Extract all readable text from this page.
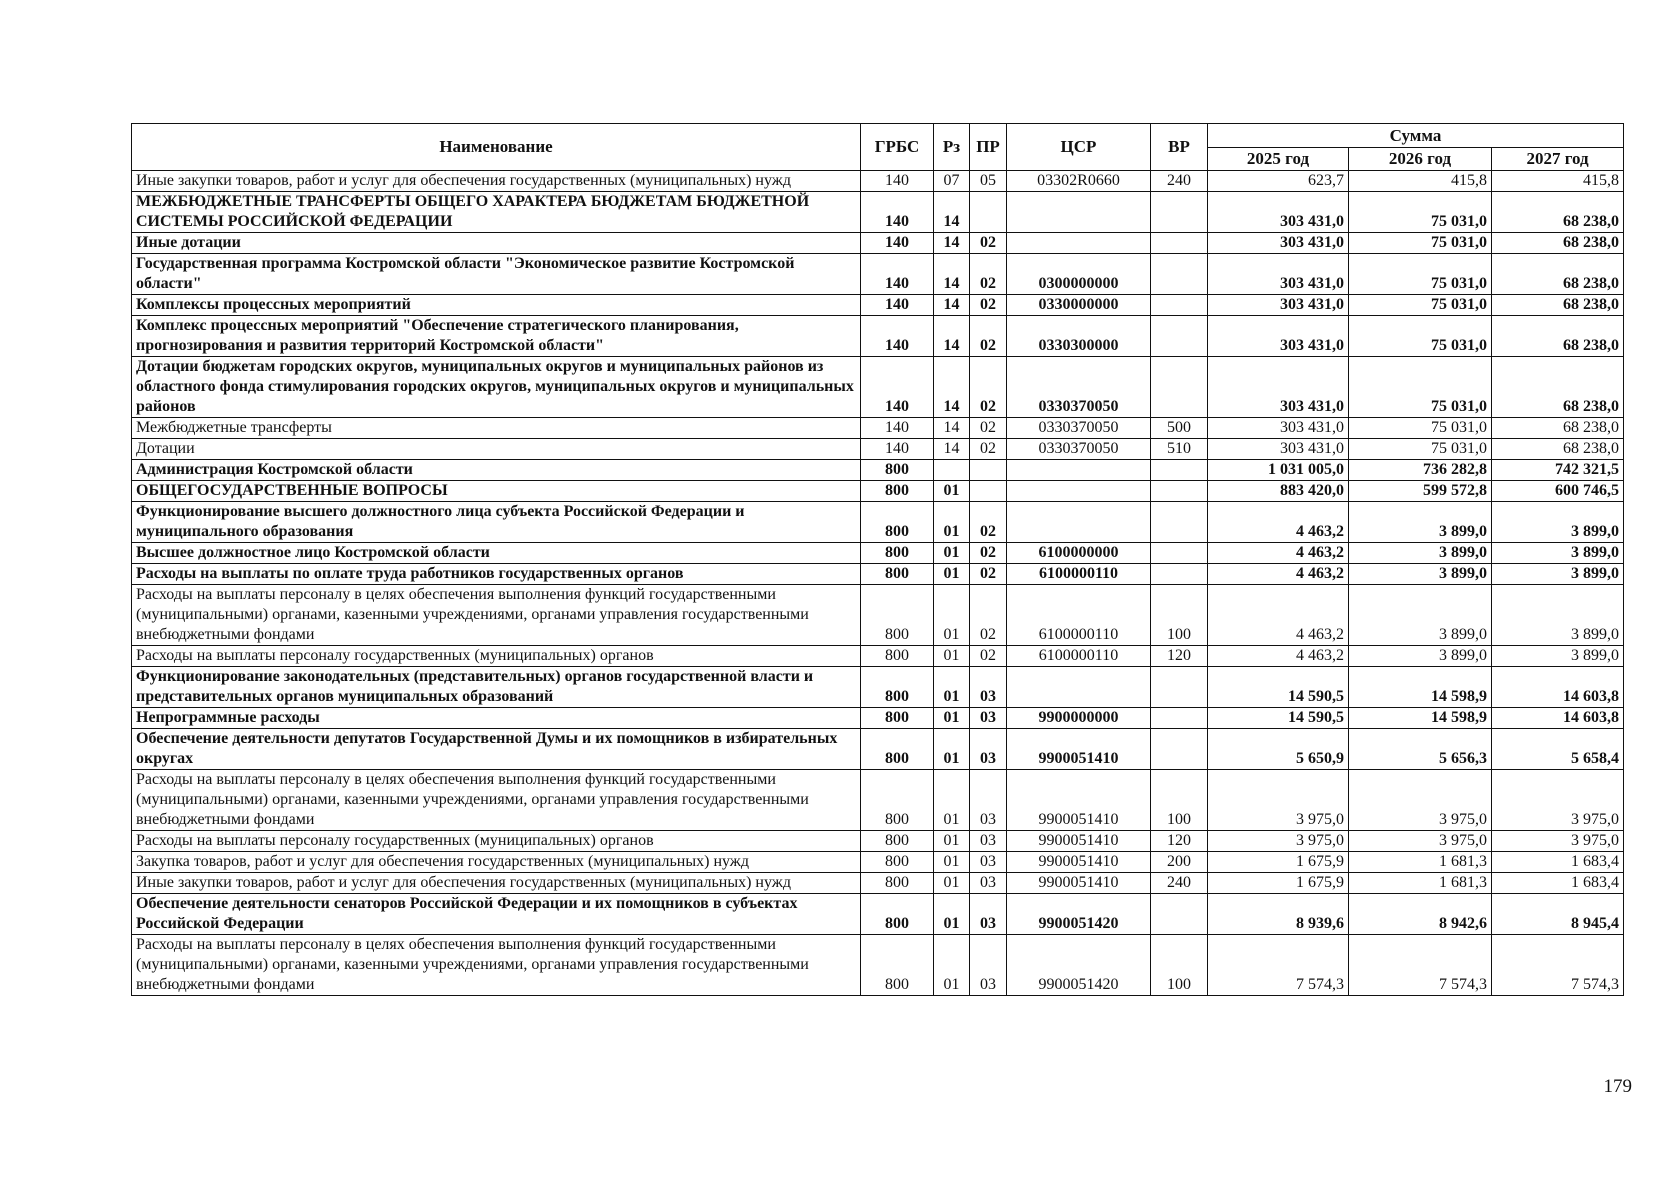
Наименование	ГРБС	Рз	ПР	ЦСР	ВР	Сумма		
						2025 год	2026 год	2027 год
Иные закупки товаров, работ и услуг для обеспечения государственных (муниципальных) нужд	140	07	05	03302R0660	240	623,7	415,8	415,8
МЕЖБЮДЖЕТНЫЕ ТРАНСФЕРТЫ ОБЩЕГО ХАРАКТЕРА БЮДЖЕТАМ БЮДЖЕТНОЙ СИСТЕМЫ РОССИЙСКОЙ ФЕДЕРАЦИИ	140	14				303 431,0	75 031,0	68 238,0
Иные дотации	140	14	02			303 431,0	75 031,0	68 238,0
Государственная программа Костромской области "Экономическое развитие Костромской области"	140	14	02	0300000000		303 431,0	75 031,0	68 238,0
Комплексы процессных мероприятий	140	14	02	0330000000		303 431,0	75 031,0	68 238,0
Комплекс процессных мероприятий "Обеспечение стратегического планирования, прогнозирования и развития территорий Костромской области"	140	14	02	0330300000		303 431,0	75 031,0	68 238,0
Дотации бюджетам городских округов, муниципальных округов и муниципальных районов из областного фонда стимулирования городских округов, муниципальных округов и муниципальных районов	140	14	02	0330370050		303 431,0	75 031,0	68 238,0
Межбюджетные трансферты	140	14	02	0330370050	500	303 431,0	75 031,0	68 238,0
Дотации	140	14	02	0330370050	510	303 431,0	75 031,0	68 238,0
Администрация Костромской области	800					1 031 005,0	736 282,8	742 321,5
ОБЩЕГОСУДАРСТВЕННЫЕ ВОПРОСЫ	800	01				883 420,0	599 572,8	600 746,5
Функционирование высшего должностного лица субъекта Российской Федерации и муниципального образования	800	01	02			4 463,2	3 899,0	3 899,0
Высшее должностное лицо Костромской области	800	01	02	6100000000		4 463,2	3 899,0	3 899,0
Расходы на выплаты по оплате труда работников государственных органов	800	01	02	6100000110		4 463,2	3 899,0	3 899,0
Расходы на выплаты персоналу в целях обеспечения выполнения функций государственными (муниципальными) органами, казенными учреждениями, органами управления государственными внебюджетными фондами	800	01	02	6100000110	100	4 463,2	3 899,0	3 899,0
Расходы на выплаты персоналу государственных (муниципальных) органов	800	01	02	6100000110	120	4 463,2	3 899,0	3 899,0
Функционирование законодательных (представительных) органов государственной власти и представительных органов муниципальных образований	800	01	03			14 590,5	14 598,9	14 603,8
Непрограммные расходы	800	01	03	9900000000		14 590,5	14 598,9	14 603,8
Обеспечение деятельности депутатов Государственной Думы и их помощников в избирательных округах	800	01	03	9900051410		5 650,9	5 656,3	5 658,4
Расходы на выплаты персоналу в целях обеспечения выполнения функций государственными (муниципальными) органами, казенными учреждениями, органами управления государственными внебюджетными фондами	800	01	03	9900051410	100	3 975,0	3 975,0	3 975,0
Расходы на выплаты персоналу государственных (муниципальных) органов	800	01	03	9900051410	120	3 975,0	3 975,0	3 975,0
Закупка товаров, работ и услуг для обеспечения государственных (муниципальных) нужд	800	01	03	9900051410	200	1 675,9	1 681,3	1 683,4
Иные закупки товаров, работ и услуг для обеспечения государственных (муниципальных) нужд	800	01	03	9900051410	240	1 675,9	1 681,3	1 683,4
Обеспечение деятельности сенаторов Российской Федерации и их помощников в субъектах Российской Федерации	800	01	03	9900051420		8 939,6	8 942,6	8 945,4
Расходы на выплаты персоналу в целях обеспечения выполнения функций государственными (муниципальными) органами, казенными учреждениями, органами управления государственными внебюджетными фондами	800	01	03	9900051420	100	7 574,3	7 574,3	7 574,3
179
